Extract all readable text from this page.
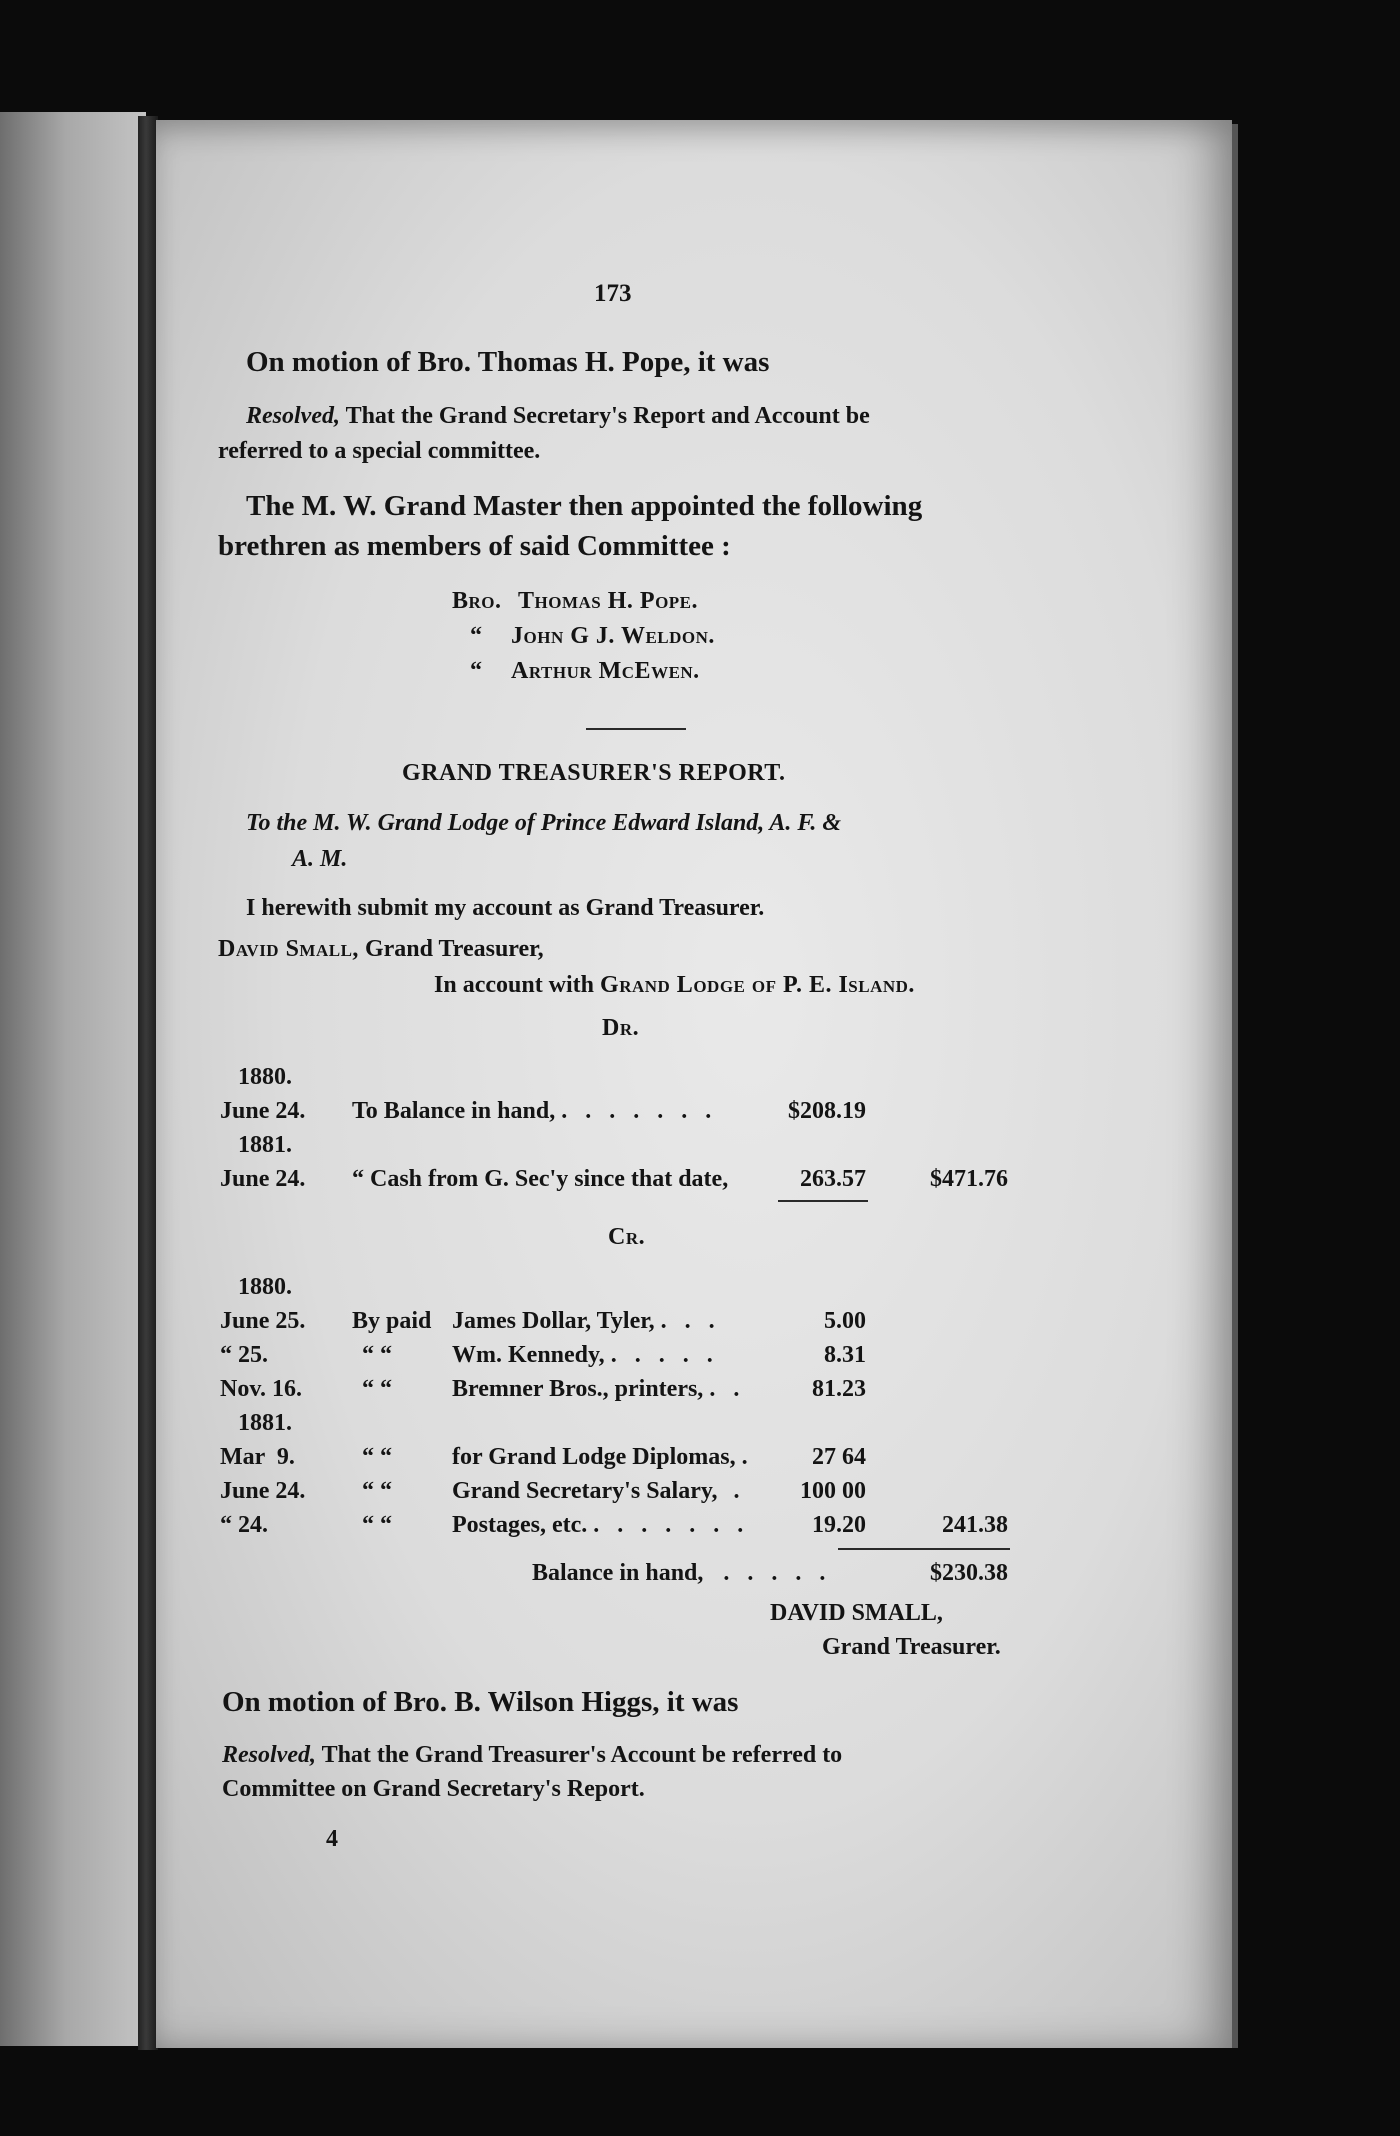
173
On motion of Bro. Thomas H. Pope, it was
Resolved, That the Grand Secretary's Report and Account be
referred to a special committee.
The M. W. Grand Master then appointed the following
brethren as members of said Committee :
Bro. Thomas H. Pope.
“ John G J. Weldon.
“ Arthur McEwen.
GRAND TREASURER'S REPORT.
To the M. W. Grand Lodge of Prince Edward Island, A. F. &
A. M.
I herewith submit my account as Grand Treasurer.
David Small, Grand Treasurer,
In account with Grand Lodge of P. E. Island.
Dr.
1880.
June 24. To Balance in hand, . . . . . . .	$208.19
1881.
June 24. “ Cash from G. Sec'y since that date,	263.57	$471.76
Cr.
1880.
June 25. By paid James Dollar, Tyler, . . .	5.00
“ 25.	“ “	Wm. Kennedy, . . . . .	8.31
Nov. 16. “ “	Bremner Bros., printers, . .	81.23
1881.
Mar  9.	“ “	for Grand Lodge Diplomas, .	27 64
June 24. “ “	Grand Secretary's Salary, .	100 00
“ 24.	“ “	Postages, etc. . . . . . . .	19.20	241.38
Balance in hand, . . . . .	$230.38
DAVID SMALL,
Grand Treasurer.
On motion of Bro. B. Wilson Higgs, it was
Resolved, That the Grand Treasurer's Account be referred to
Committee on Grand Secretary's Report.
4
